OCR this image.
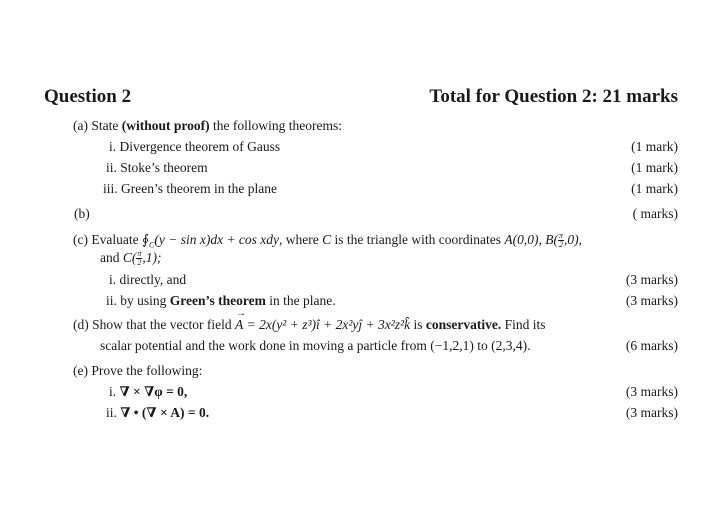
Question 2	Total for Question 2: 21 marks
(a) State (without proof) the following theorems:
i. Divergence theorem of Gauss	(1 mark)
ii. Stoke’s theorem	(1 mark)
iii. Green’s theorem in the plane	(1 mark)
(b)	( marks)
(c) Evaluate $∮_C(y - \sin x)dx + \cos$ xdy, where C is the triangle with coordinates A(0,0), $B( \frac{\pi}{2} ,0)$,
and $C( \frac{\pi}{2} ,1)$;
i. directly, and	(3 marks)
ii. by using Green’s theorem in the plane.	(3 marks)
(d) Show that the vector field A
→
= 2x(y² + z³)î + 2x²yĵ + 3x²z²k̂ is conservative. Find its
scalar potential and the work done in moving a particle from (−1,2,1) to (2,3,4).	(6 marks)
(e) Prove the following:
i. ∇ × ∇φ = 0,	(3 marks)
ii. ∇ • (∇ × A) = 0.	(3 marks)
